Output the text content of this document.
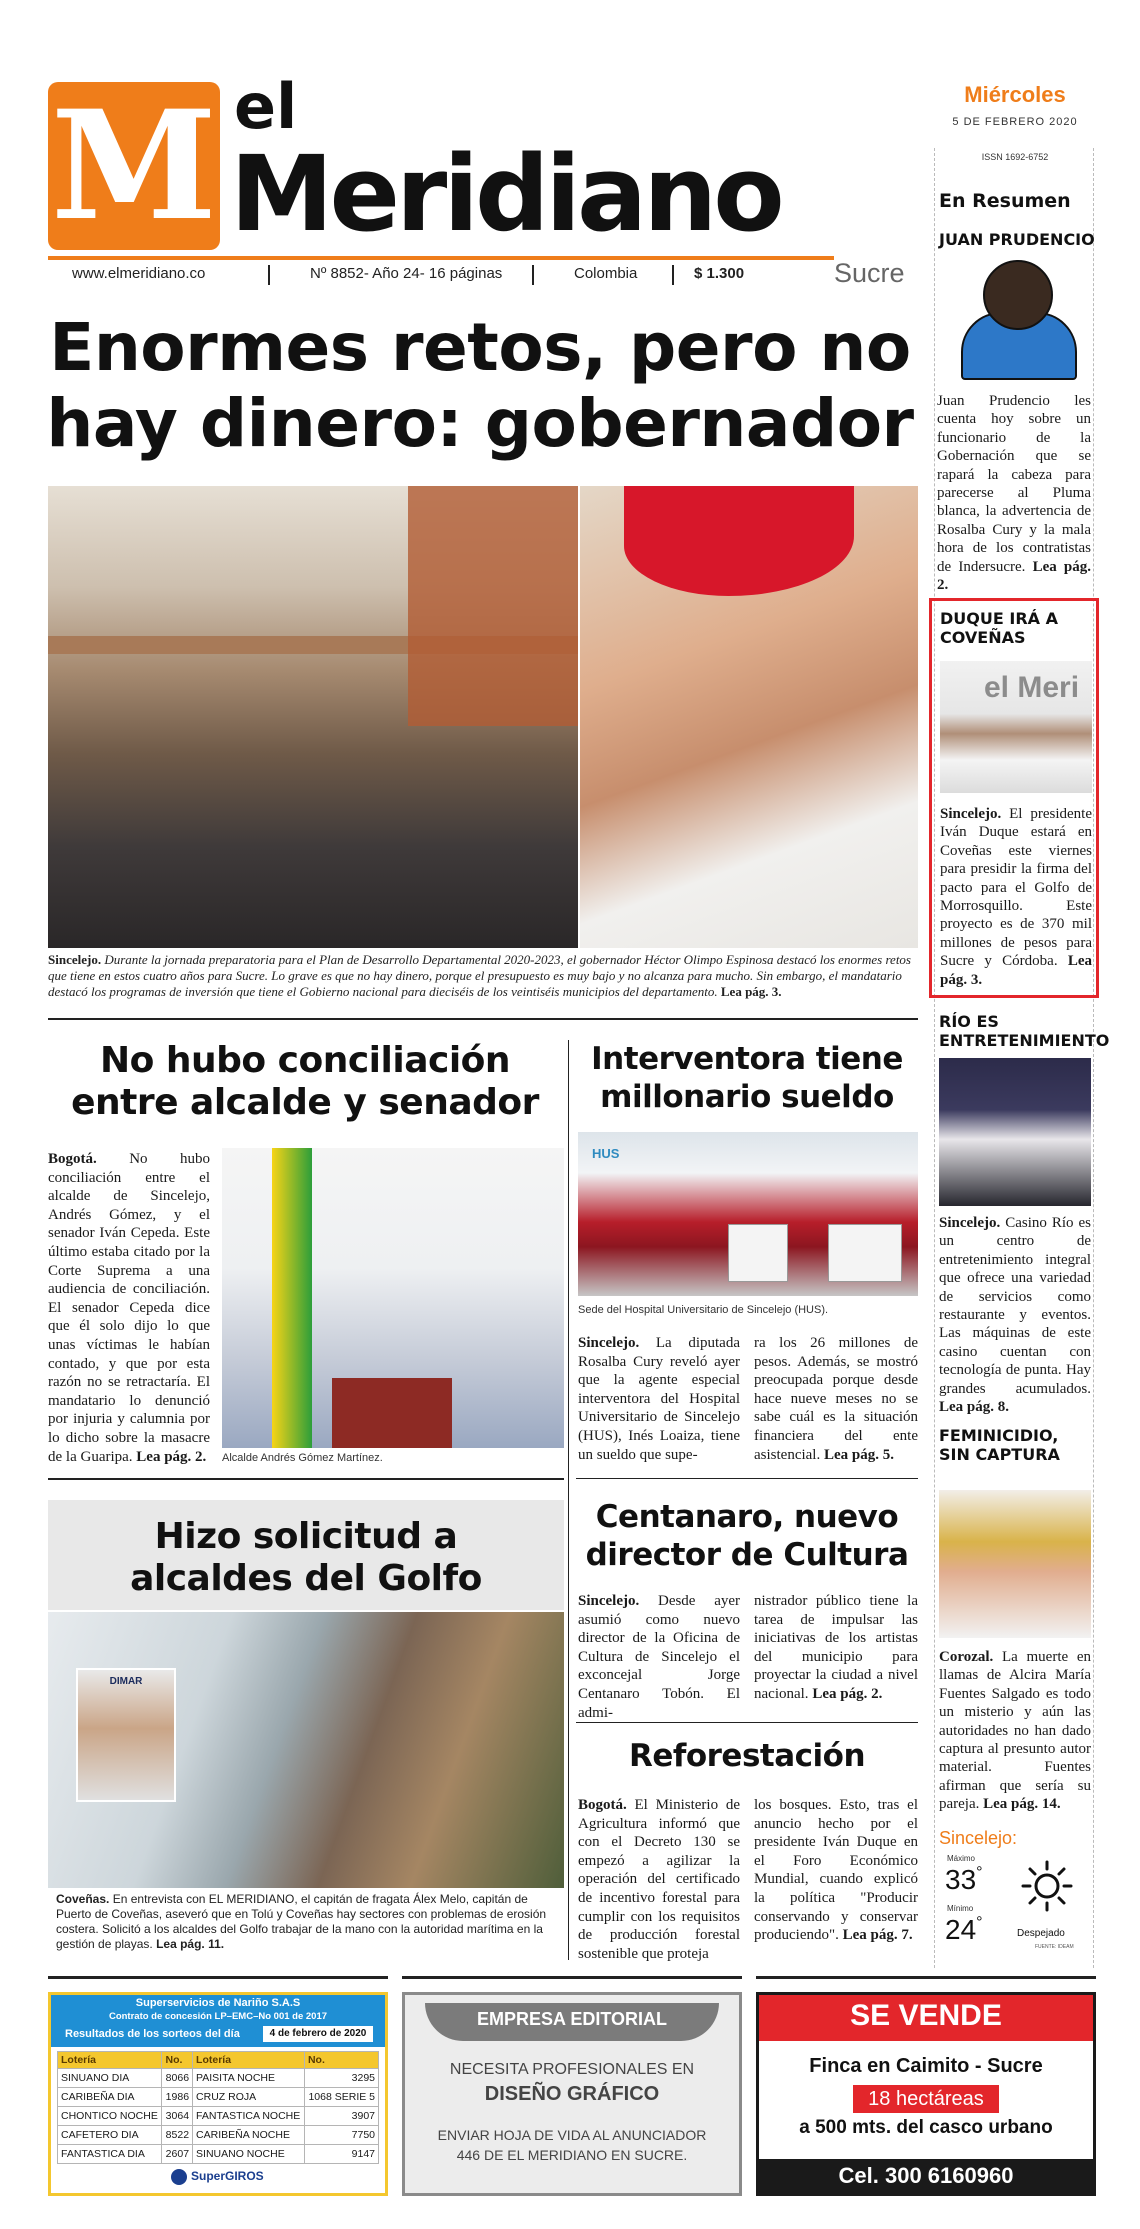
M el
Meridiano
Sucre
www.elmeridiano.co	Nº 8852- Año 24- 16 páginas	Colombia	$ 1.300
Miércoles
5 DE FEBRERO 2020
Enormes retos, pero no
hay dinero: gobernador
Sincelejo. Durante la jornada preparatoria para el Plan de Desarrollo Departamental 2020-2023, el gobernador Héctor Olimpo Espinosa destacó los enormes retos que tiene en estos cuatro años para Sucre. Lo grave es que no hay dinero, porque el presupuesto es muy bajo y no alcanza para mucho. Sin embargo, el mandatario destacó los programas de inversión que tiene el Gobierno nacional para dieciséis de los veintiséis municipios del departamento. Lea pág. 3.
No hubo conciliación
entre alcalde y senador
Bogotá. No hubo conciliación entre el alcalde de Sincelejo, Andrés Gómez, y el senador Iván Cepeda. Este último estaba citado por la Corte Suprema a una audiencia de conciliación. El senador Cepeda dice que él solo dijo lo que unas víctimas le habían contado, y que por esta razón no se retractaría. El mandatario lo denunció por injuria y calumnia por lo dicho sobre la masacre de la Guaripa. Lea pág. 2.	Alcalde Andrés Gómez Martínez.
Interventora tiene
millonario sueldo
HUS
Sede del Hospital Universitario de Sincelejo (HUS).
Sincelejo. La diputada Rosalba Cury reveló ayer que la agente especial interventora del Hospital Universitario de Sincelejo (HUS), Inés Loaiza, tiene un sueldo que supe-
ra los 26 millones de pesos. Además, se mostró preocupada porque desde hace nueve meses no se sabe cuál es la situación financiera del ente asistencial. Lea pág. 5.
Hizo solicitud a
alcaldes del Golfo
DIMAR
Coveñas. En entrevista con EL MERIDIANO, el capitán de fragata Álex Melo, capitán de Puerto de Coveñas, aseveró que en Tolú y Coveñas hay sectores con problemas de erosión costera. Solicitó a los alcaldes del Golfo trabajar de la mano con la autoridad marítima en la gestión de playas. Lea pág. 11.
Centanaro, nuevo
director de Cultura
Sincelejo. Desde ayer asumió como nuevo director de la Oficina de Cultura de Sincelejo el exconcejal Jorge Centanaro Tobón. El admi-
nistrador público tiene la tarea de impulsar las iniciativas de los artistas del municipio para proyectar la ciudad a nivel nacional. Lea pág. 2.
Reforestación
Bogotá. El Ministerio de Agricultura informó que con el Decreto 130 se empezó a agilizar la operación del certificado de incentivo forestal para cumplir con los requisitos de producción forestal sostenible que proteja
los bosques. Esto, tras el anuncio hecho por el presidente Iván Duque en el Foro Económico Mundial, cuando explicó la política "Producir conservando y conservar produciendo". Lea pág. 7.
ISSN 1692-6752
En Resumen
JUAN PRUDENCIO
Juan Prudencio les cuenta hoy sobre un funcionario de la Gobernación que se rapará la cabeza para parecerse al Pluma blanca, la advertencia de Rosalba Cury y la mala hora de los contratistas de Indersucre. Lea pág. 2.
DUQUE IRÁ A COVEÑAS
el Meri
Sincelejo. El presidente Iván Duque estará en Coveñas este viernes para presidir la firma del pacto para el Golfo de Morrosquillo. Este proyecto es de 370 mil millones de pesos para Sucre y Córdoba. Lea pág. 3.
RÍO ES ENTRETENIMIENTO
Sincelejo. Casino Río es un centro de entretenimiento integral que ofrece una variedad de servicios como restaurante y eventos. Las máquinas de este casino cuentan con tecnología de punta. Hay grandes acumulados. Lea pág. 8.
FEMINICIDIO, SIN CAPTURA
Corozal. La muerte en llamas de Alcira María Fuentes Salgado es todo un misterio y aún las autoridades no han dado captura al presunto autor material. Fuentes afirman que sería su pareja. Lea pág. 14.
Sincelejo:
Máximo
33°
Mínimo
24°
Despejado
FUENTE: IDEAM
Superservicios de Nariño S.A.S
Contrato de concesión LP–EMC–No 001 de 2017
Resultados de los sorteos del día	4 de febrero de 2020
Lotería	No.	Lotería	No.
SINUANO DIA	8066	PAISITA NOCHE	3295
CARIBEÑA DIA	1986	CRUZ ROJA	1068 SERIE 5
CHONTICO NOCHE	3064	FANTASTICA NOCHE	3907
CAFETERO DIA	8522	CARIBEÑA NOCHE	7750
FANTASTICA DIA	2607	SINUANO NOCHE	9147
SuperGIROS
EMPRESA EDITORIAL
NECESITA PROFESIONALES EN
DISEÑO GRÁFICO
ENVIAR HOJA DE VIDA AL ANUNCIADOR
446 DE EL MERIDIANO EN SUCRE.
SE VENDE
Finca en Caimito - Sucre
18 hectáreas
a 500 mts. del casco urbano
Cel. 300 6160960
